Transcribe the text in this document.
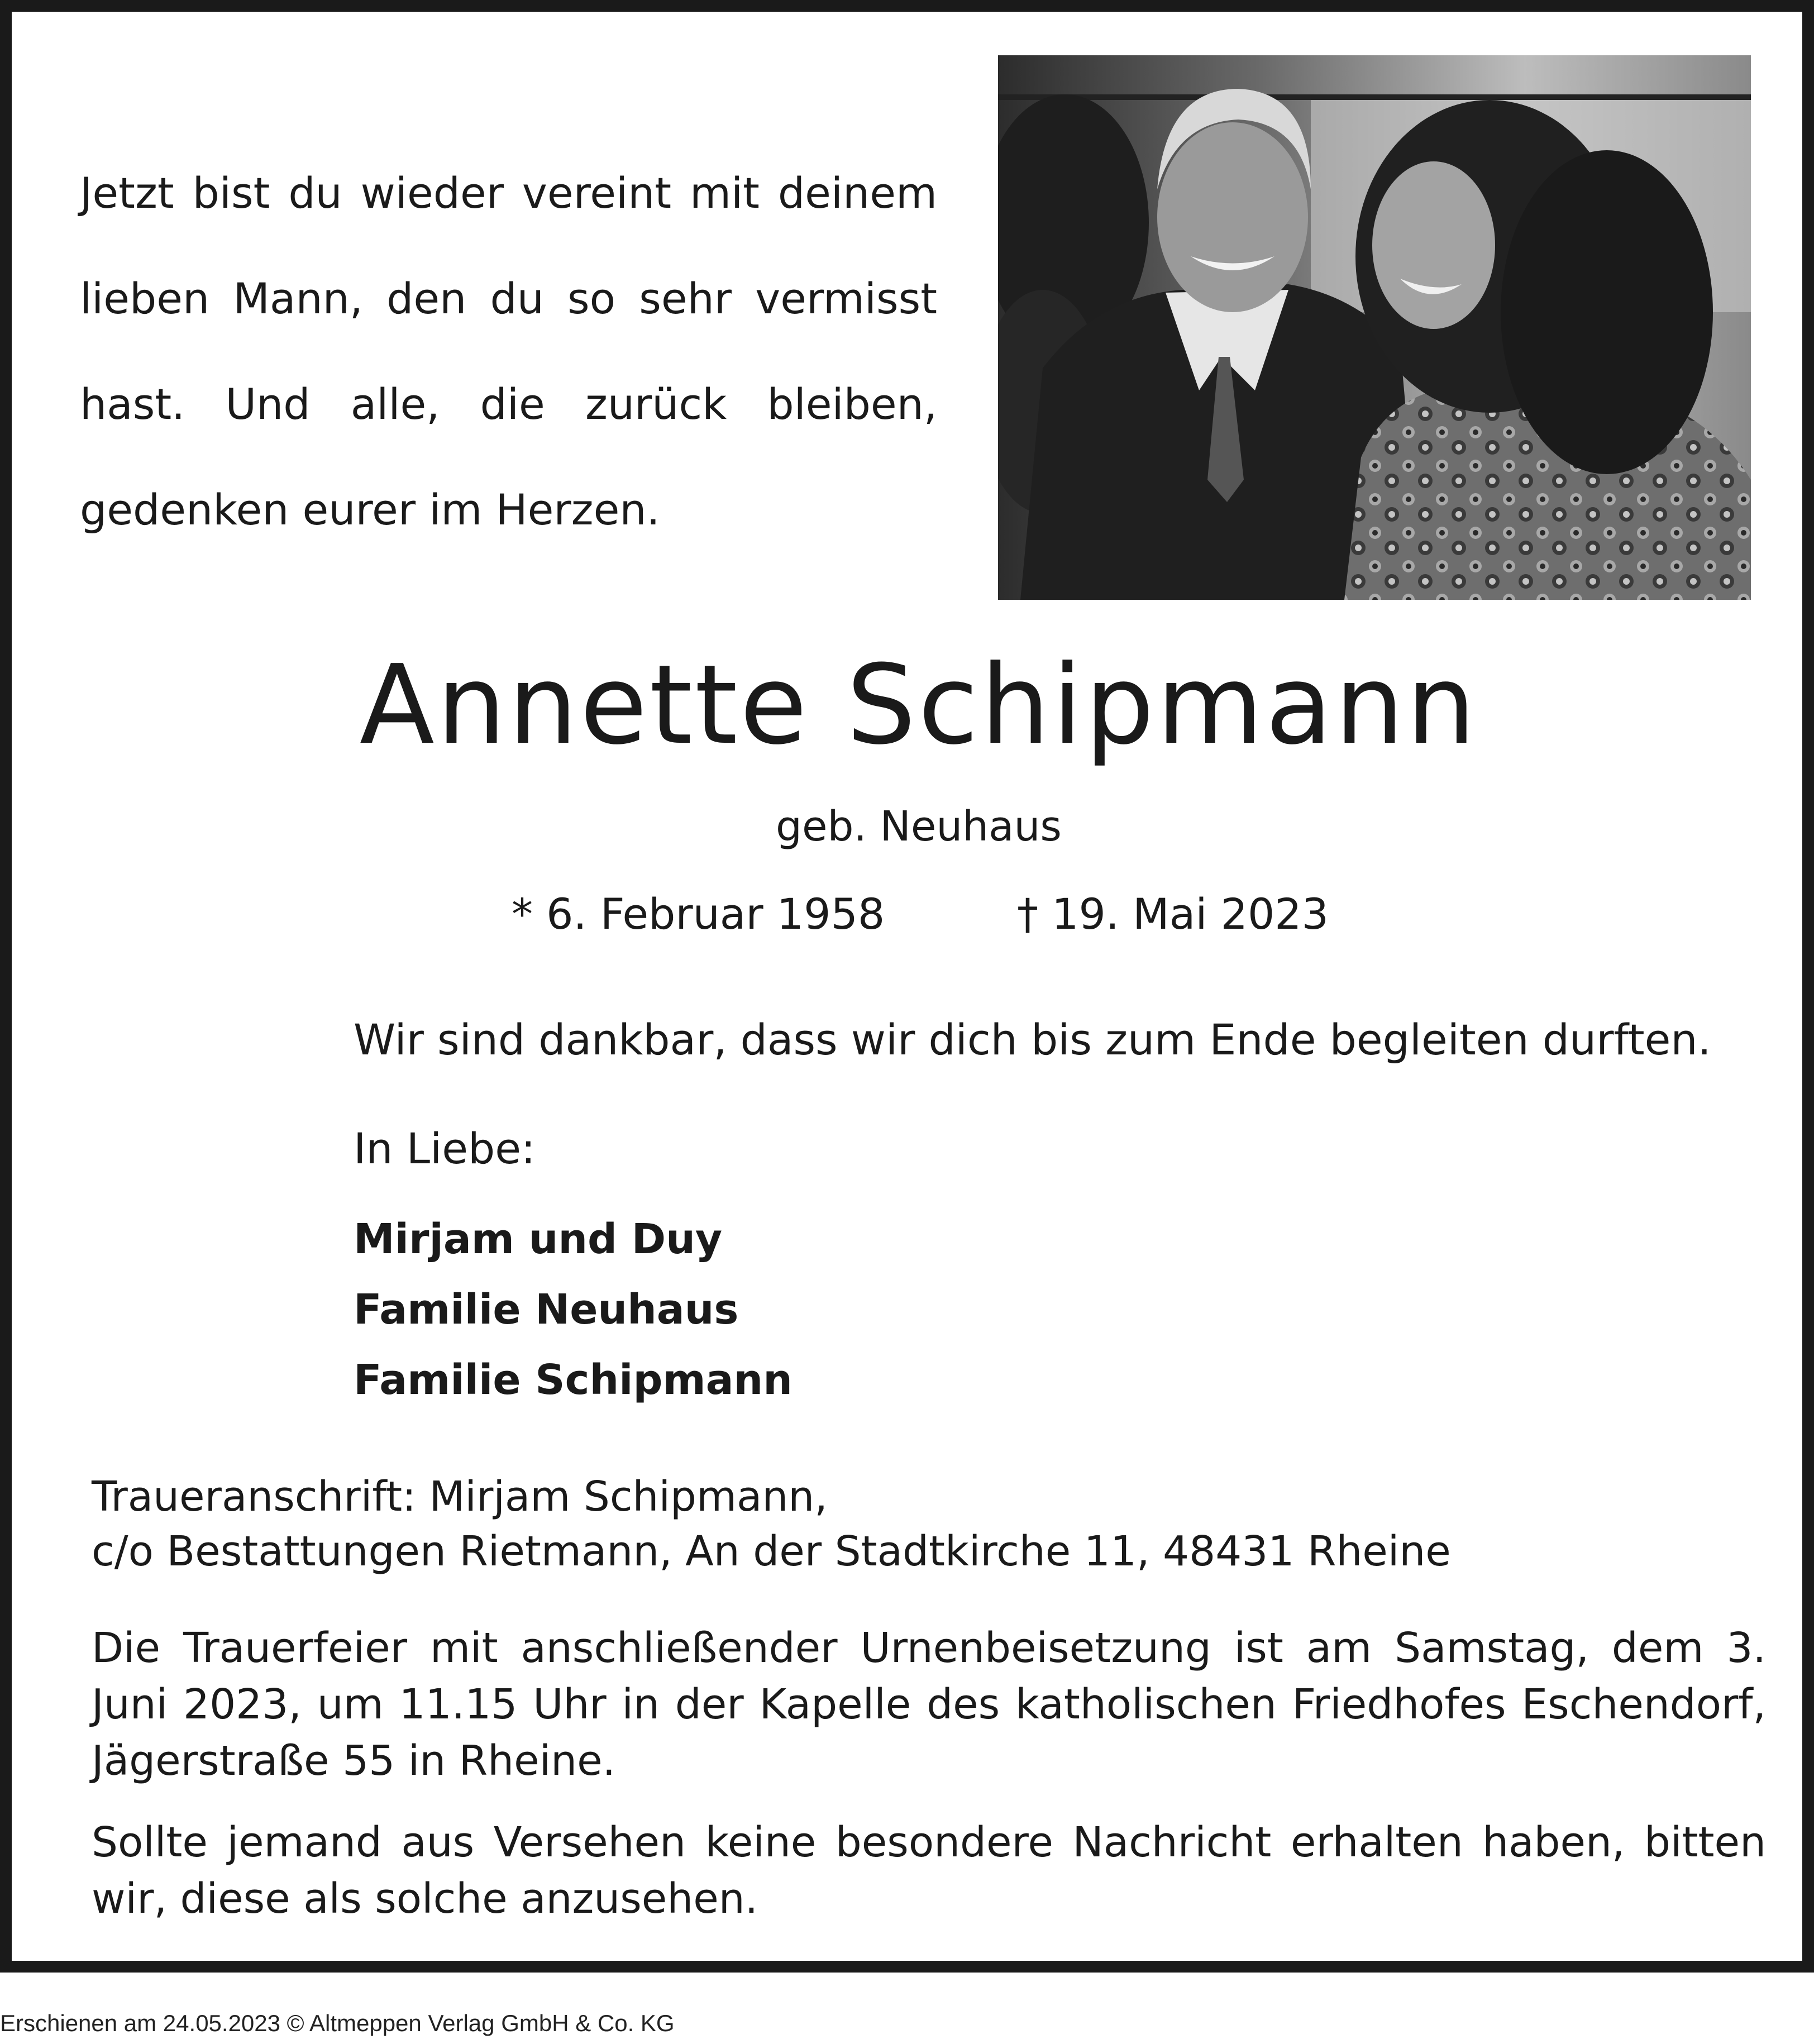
Jetzt bist du wieder vereint mit deinem lieben Mann, den du so sehr vermisst hast. Und alle, die zurück bleiben, gedenken eurer im Herzen.

Annette Schipmann
geb. Neuhaus
* 6. Februar 1958	† 19. Mai 2023
Wir sind dankbar, dass wir dich bis zum Ende begleiten durften.
In Liebe:
Mirjam und Duy
Familie Neuhaus
Familie Schipmann
Traueranschrift: Mirjam Schipmann,
c/o Bestattungen Rietmann, An der Stadtkirche 11, 48431 Rheine

Die Trauerfeier mit anschließender Urnenbeisetzung ist am Samstag, dem 3. Juni 2023, um 11.15 Uhr in der Kapelle des katholischen Friedhofes Eschendorf, Jägerstraße 55 in Rheine.

Sollte jemand aus Versehen keine besondere Nachricht erhalten haben, bitten wir, diese als solche anzusehen.

Erschienen am 24.05.2023 © Altmeppen Verlag GmbH & Co. KG
